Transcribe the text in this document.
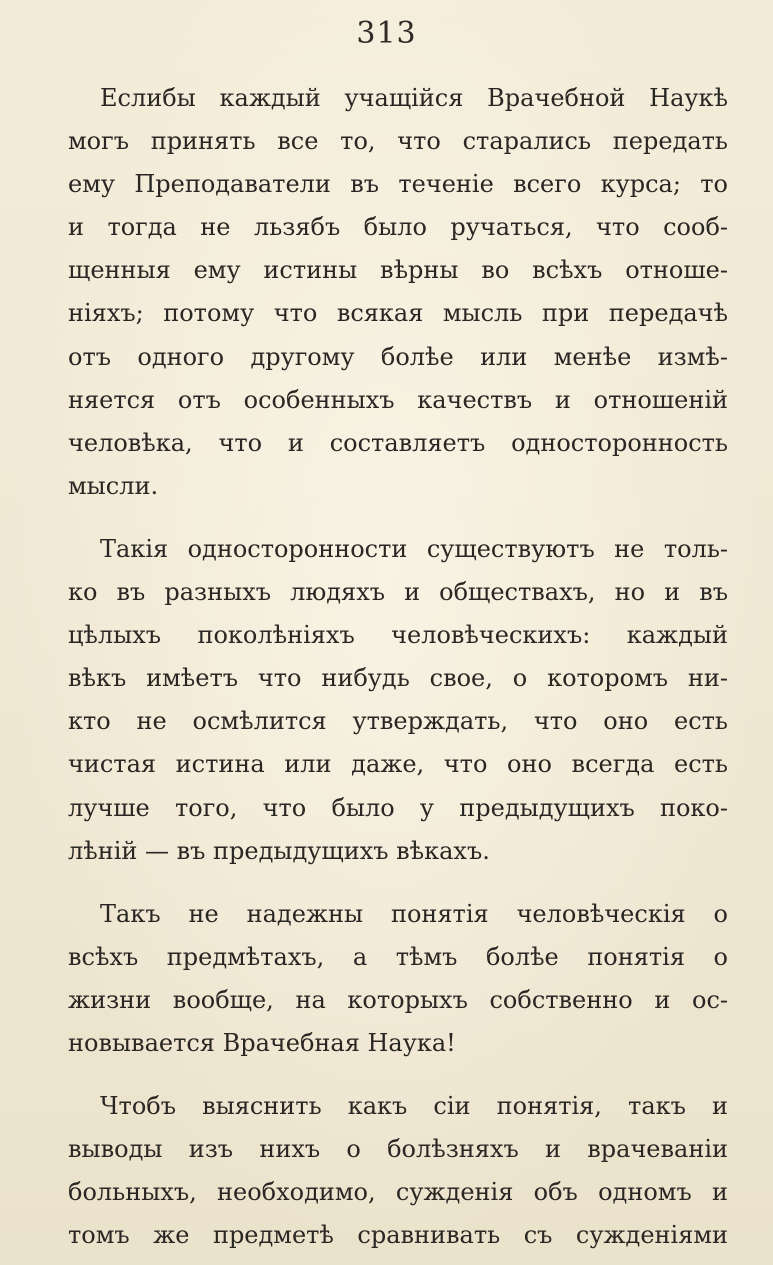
313
Еслибы каждый учащійся Врачебной Наукѣ
могъ принять все то, что старались передать
ему Преподаватели въ теченіе всего курса; то
и тогда не льзябъ было ручаться, что сооб-
щенныя ему истины вѣрны во всѣхъ отноше-
ніяхъ; потому что всякая мысль при передачѣ
отъ одного другому болѣе или менѣе измѣ-
няется отъ особенныхъ качествъ и отношеній
человѣка, что и составляетъ односторонность
мысли.
Такія односторонности существуютъ не толь-
ко въ разныхъ людяхъ и обществахъ, но и въ
цѣлыхъ поколѣніяхъ человѣческихъ: каждый
вѣкъ имѣетъ что нибудь свое, о которомъ ни-
кто не осмѣлится утверждать, что оно есть
чистая истина или даже, что оно всегда есть
лучше того, что было у предыдущихъ поко-
лѣній — въ предыдущихъ вѣкахъ.
Такъ не надежны понятія человѣческія о
всѣхъ предмѣтахъ, а тѣмъ болѣе понятія о
жизни вообще, на которыхъ собственно и ос-
новывается Врачебная Наука!
Чтобъ выяснить какъ сіи понятія, такъ и
выводы изъ нихъ о болѣзняхъ и врачеваніи
больныхъ, необходимо, сужденія объ одномъ и
томъ же предметѣ сравнивать съ сужденіями
